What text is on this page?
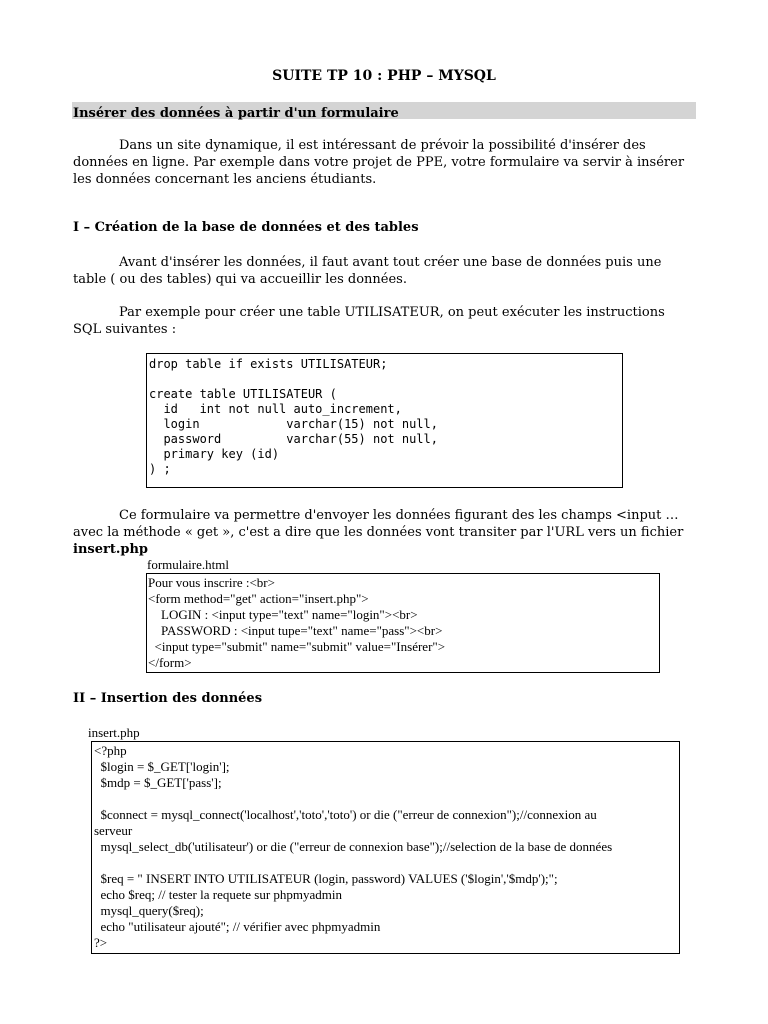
SUITE TP 10 : PHP – MYSQL
Insérer des données à partir d'un formulaire
Dans un site dynamique, il est intéressant de prévoir la possibilité d'insérer des données en ligne. Par exemple dans votre projet de PPE, votre formulaire va servir à insérer les données concernant les anciens étudiants.
I – Création de la base de données et des tables
Avant d'insérer les données, il faut avant tout créer une base de données puis une table ( ou des tables) qui va accueillir les données.
Par exemple pour créer une table UTILISATEUR, on peut exécuter les instructions SQL suivantes :
drop table if exists UTILISATEUR;

create table UTILISATEUR (
id   int not null auto_increment,
login            varchar(15) not null,
password         varchar(55) not null,
primary key (id)
) ;
Ce formulaire va permettre d'envoyer les données figurant des les champs <input … avec la méthode « get », c'est a dire que les données vont transiter par l'URL vers un fichier insert.php
formulaire.html
Pour vous inscrire :<br>
<form method="get" action="insert.php">
LOGIN : <input type="text" name="login"><br>
PASSWORD : <input tupe="text" name="pass"><br>
<input type="submit" name="submit" value="Insérer">
</form>
II – Insertion des données
insert.php
<?php
$login = $_GET['login'];
$mdp = $_GET['pass'];

$connect = mysql_connect('localhost','toto','toto') or die ("erreur de connexion");//connexion au
serveur
mysql_select_db('utilisateur') or die ("erreur de connexion base");//selection de la base de données

$req = " INSERT INTO UTILISATEUR (login, password) VALUES ('$login','$mdp');";
echo $req; // tester la requete sur phpmyadmin
mysql_query($req);
echo "utilisateur ajouté"; // vérifier avec phpmyadmin
?>
